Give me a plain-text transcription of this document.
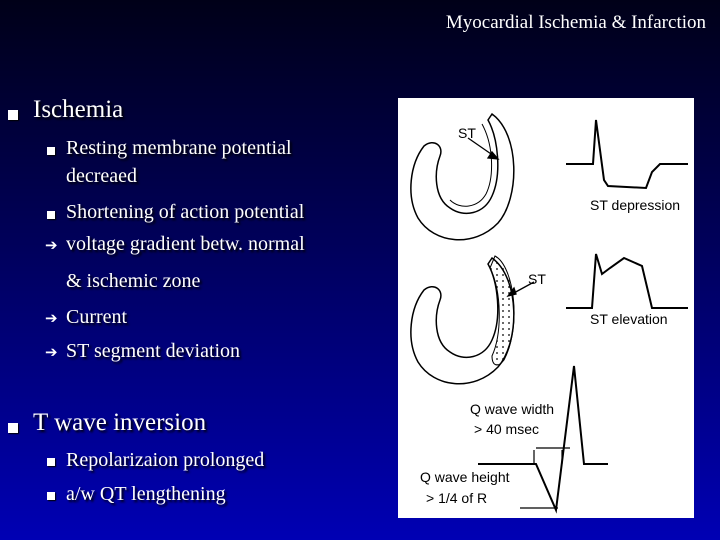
Myocardial Ischemia & Infarction
Ischemia
Resting membrane potential
decreaed
Shortening of action potential
➔ voltage gradient betw. normal
& ischemic zone
➔ Current
➔ ST segment deviation
T wave inversion
Repolarizaion prolonged
a/w QT lengthening
ST
ST depression
ST
ST elevation
Q wave width
> 40 msec
Q wave height
> 1/4 of R
